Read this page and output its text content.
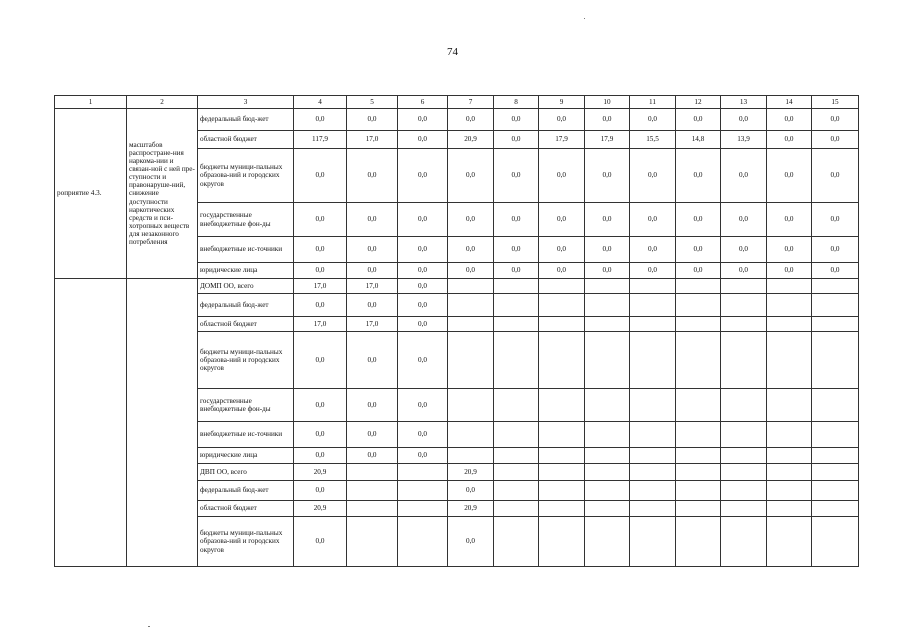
74
1	2	3	4	5	6	7	8	9	10	11	12	13	14	15
роприятие 4.3.	масштабов распростране-ния наркома-нии и связан-ной с ней пре-ступности и правонаруше-ний, снижение доступности наркотических средств и пси-хотропных веществ для незаконного потребления	федеральный бюд-жет	0,0	0,0	0,0	0,0	0,0	0,0	0,0	0,0	0,0	0,0	0,0	0,0
		областной бюджет	117,9	17,0	0,0	20,9	0,0	17,9	17,9	15,5	14,8	13,9	0,0	0,0
		бюджеты муници-пальных образова-ний и городских округов	0,0	0,0	0,0	0,0	0,0	0,0	0,0	0,0	0,0	0,0	0,0	0,0
		государственные внебюджетные фон-ды	0,0	0,0	0,0	0,0	0,0	0,0	0,0	0,0	0,0	0,0	0,0	0,0
		внебюджетные ис-точники	0,0	0,0	0,0	0,0	0,0	0,0	0,0	0,0	0,0	0,0	0,0	0,0
		юридические лица	0,0	0,0	0,0	0,0	0,0	0,0	0,0	0,0	0,0	0,0	0,0	0,0
		ДОМП ОО, всего	17,0	17,0	0,0									
		федеральный бюд-жет	0,0	0,0	0,0									
		областной бюджет	17,0	17,0	0,0									
		бюджеты муници-пальных образова-ний и городских округов	0,0	0,0	0,0									
		государственные внебюджетные фон-ды	0,0	0,0	0,0									
		внебюджетные ис-точники	0,0	0,0	0,0									
		юридические лица	0,0	0,0	0,0									
		ДВП ОО, всего	20,9			20,9								
		федеральный бюд-жет	0,0			0,0								
		областной бюджет	20,9			20,9								
		бюджеты муници-пальных образова-ний и городских округов	0,0			0,0								
